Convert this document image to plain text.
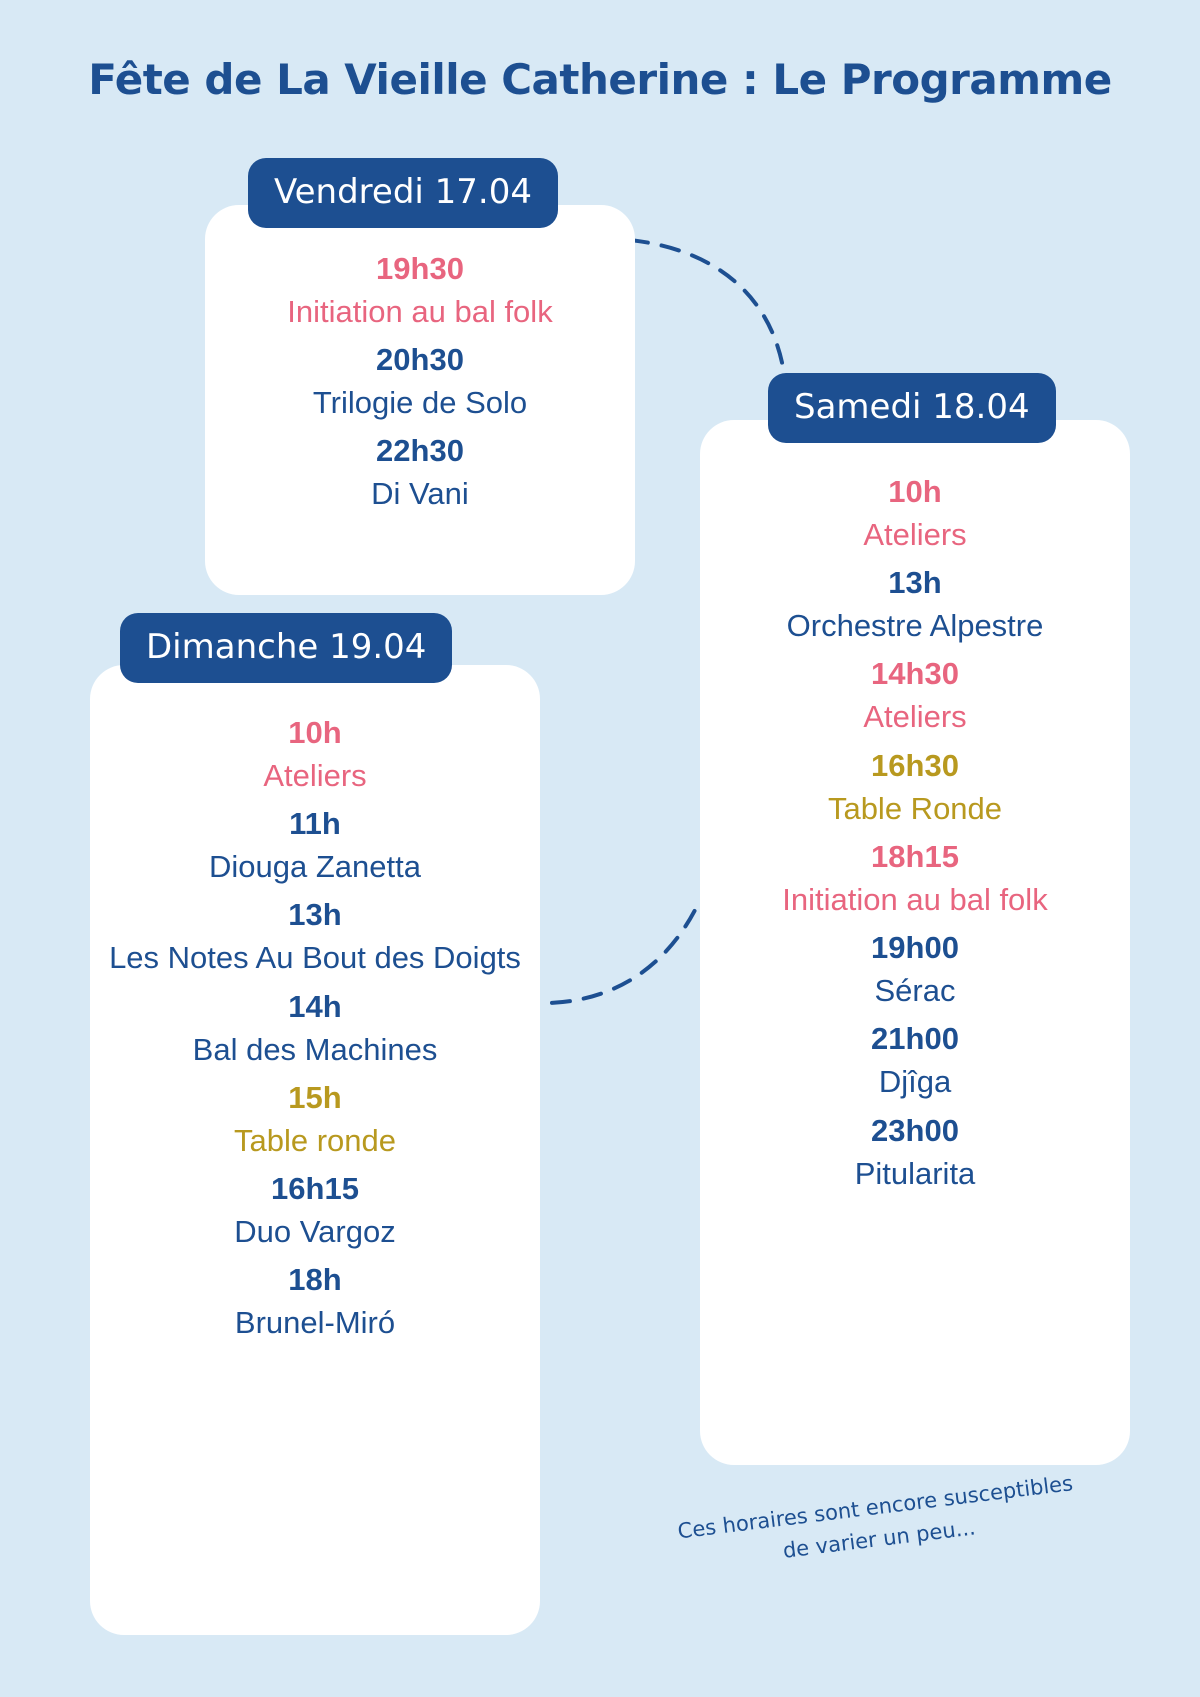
Fête de La Vieille Catherine : Le Programme
19h30
Initiation au bal folk
20h30
Trilogie de Solo
22h30
Di Vani
Vendredi 17.04
10h
Ateliers
13h
Orchestre Alpestre
14h30
Ateliers
16h30
Table Ronde
18h15
Initiation au bal folk
19h00
Sérac
21h00
Djîga
23h00
Pitularita
Samedi 18.04
10h
Ateliers
11h
Diouga Zanetta
13h
Les Notes Au Bout des Doigts
14h
Bal des Machines
15h
Table ronde
16h15
Duo Vargoz
18h
Brunel-Miró
Dimanche 19.04
Ces horaires sont encore susceptibles de varier un peu...
